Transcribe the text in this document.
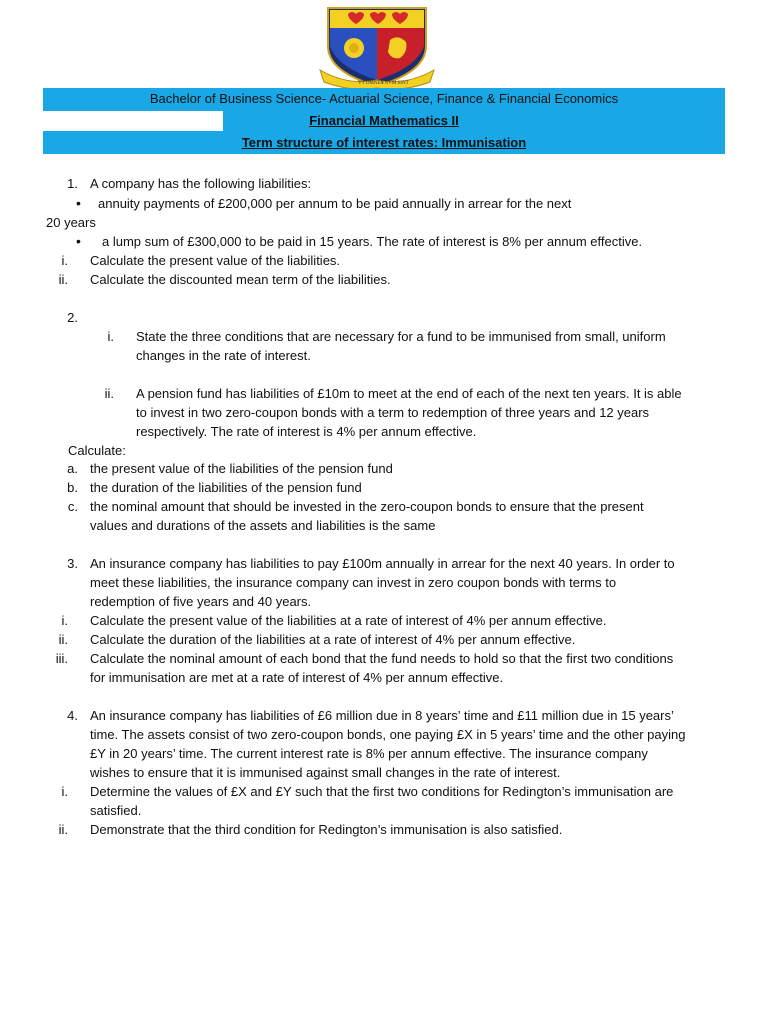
VT OMNES
VNVM SINT
Bachelor of Business Science- Actuarial Science, Finance & Financial Economics
Financial Mathematics II
Term structure of interest rates: Immunisation
1. A company has the following liabilities:
• annuity payments of £200,000 per annum to be paid annually in arrear for the next
20 years
• a lump sum of £300,000 to be paid in 15 years. The rate of interest is 8% per annum effective.
i. Calculate the present value of the liabilities.
ii. Calculate the discounted mean term of the liabilities.
2.
i. State the three conditions that are necessary for a fund to be immunised from small, uniform
changes in the rate of interest.
ii. A pension fund has liabilities of £10m to meet at the end of each of the next ten years. It is able
to invest in two zero-coupon bonds with a term to redemption of three years and 12 years
respectively. The rate of interest is 4% per annum effective.
Calculate:
a. the present value of the liabilities of the pension fund
b. the duration of the liabilities of the pension fund
c. the nominal amount that should be invested in the zero-coupon bonds to ensure that the present
values and durations of the assets and liabilities is the same
3. An insurance company has liabilities to pay £100m annually in arrear for the next 40 years. In order to
meet these liabilities, the insurance company can invest in zero coupon bonds with terms to
redemption of five years and 40 years.
i. Calculate the present value of the liabilities at a rate of interest of 4% per annum effective.
ii. Calculate the duration of the liabilities at a rate of interest of 4% per annum effective.
iii. Calculate the nominal amount of each bond that the fund needs to hold so that the first two conditions
for immunisation are met at a rate of interest of 4% per annum effective.
4. An insurance company has liabilities of £6 million due in 8 years’ time and £11 million due in 15 years’
time. The assets consist of two zero-coupon bonds, one paying £X in 5 years’ time and the other paying
£Y in 20 years’ time. The current interest rate is 8% per annum effective. The insurance company
wishes to ensure that it is immunised against small changes in the rate of interest.
i. Determine the values of £X and £Y such that the first two conditions for Redington’s immunisation are
satisfied.
ii. Demonstrate that the third condition for Redington’s immunisation is also satisfied.
